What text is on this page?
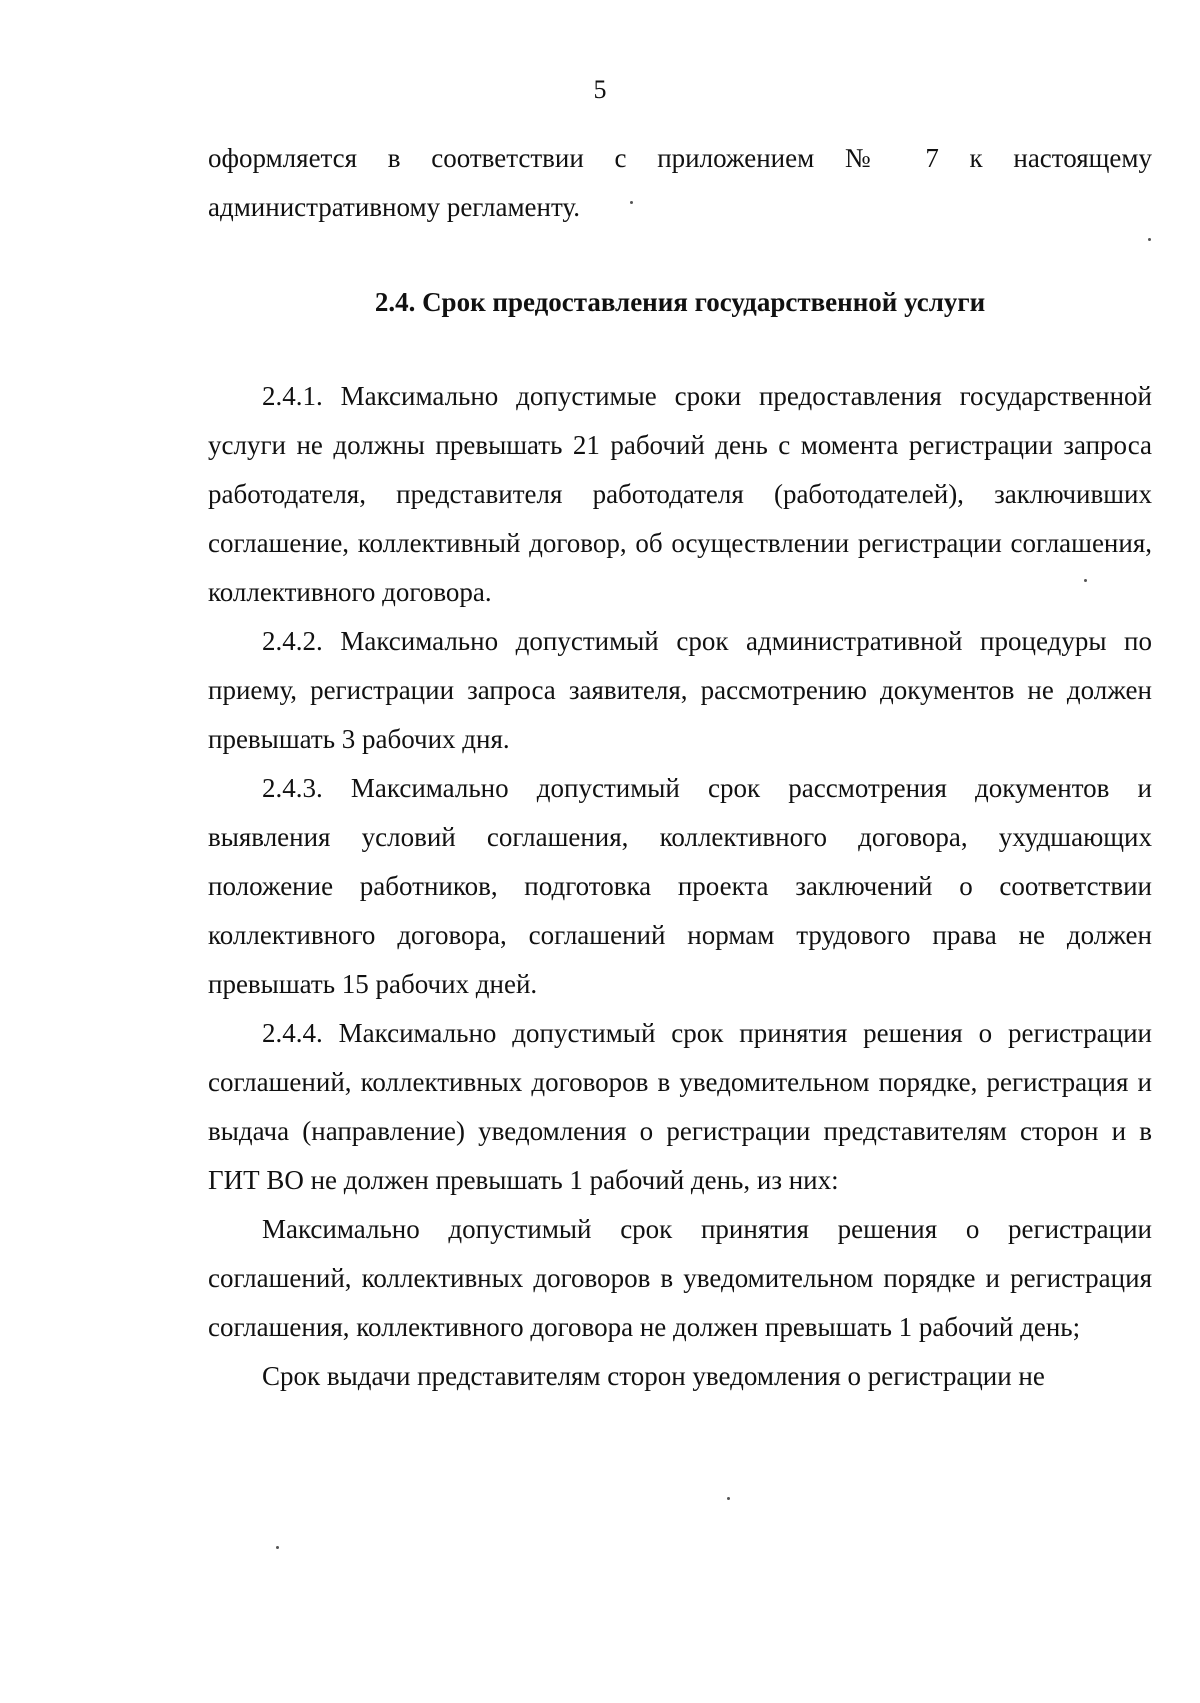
5

оформляется в соответствии с приложением № 7 к настоящему административному регламенту.

2.4. Срок предоставления государственной услуги

2.4.1. Максимально допустимые сроки предоставления государственной услуги не должны превышать 21 рабочий день с момента регистрации запроса работодателя, представителя работодателя (работодателей), заключивших соглашение, коллективный договор, об осуществлении регистрации соглашения, коллективного договора.

2.4.2. Максимально допустимый срок административной процедуры по приему, регистрации запроса заявителя, рассмотрению документов не должен превышать 3 рабочих дня.

2.4.3. Максимально допустимый срок рассмотрения документов и выявления условий соглашения, коллективного договора, ухудшающих положение работников, подготовка проекта заключений о соответствии коллективного договора, соглашений нормам трудового права не должен превышать 15 рабочих дней.

2.4.4. Максимально допустимый срок принятия решения о регистрации соглашений, коллективных договоров в уведомительном порядке, регистрация и выдача (направление) уведомления о регистрации представителям сторон и в ГИТ ВО не должен превышать 1 рабочий день, из них:

Максимально допустимый срок принятия решения о регистрации соглашений, коллективных договоров в уведомительном порядке и регистрация соглашения, коллективного договора не должен превышать 1 рабочий день;

Срок выдачи представителям сторон уведомления о регистрации не
